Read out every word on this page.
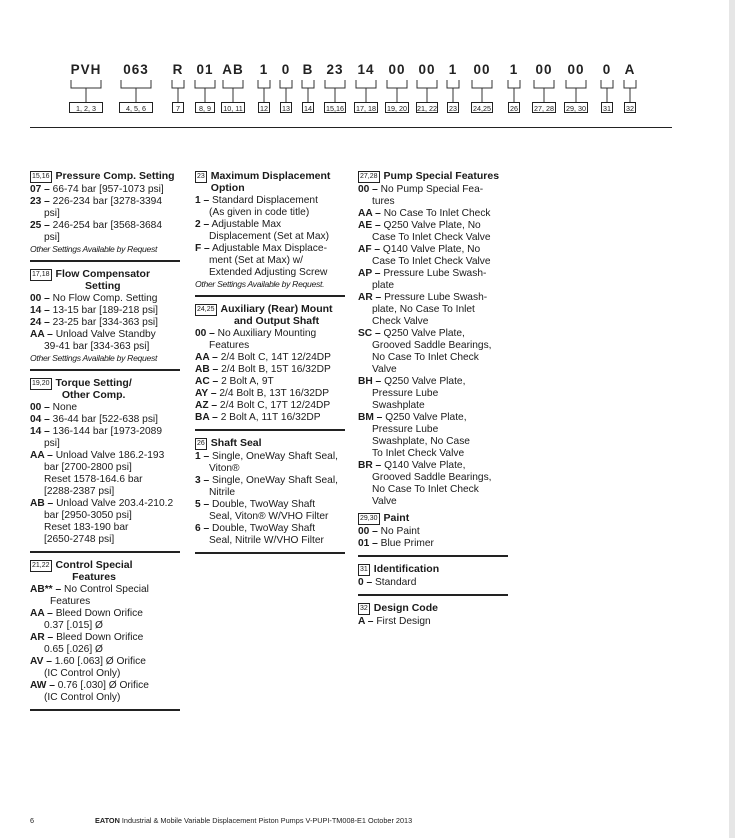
PVH
1, 2, 3
063
4, 5, 6
R
7
01
8, 9
AB
10, 11
1
12
0
13
B
14
23
15,16
14
17, 18
00
19, 20
00
21, 22
1
23
00
24,25
1
26
00
27, 28
00
29, 30
0
31
A
32
15,16 Pressure Comp. Setting
07 – 66-74 bar [957-1073 psi]
23 – 226-234 bar [3278-3394
psi]
25 – 246-254 bar [3568-3684
psi]
Other Settings Available by Request
17,18 Flow Compensator
Setting
00 – No Flow Comp. Setting
14 – 13-15 bar [189-218 psi]
24 – 23-25 bar [334-363 psi]
AA – Unload Valve Standby
39-41 bar [334-363 psi]
Other Settings Available by Request
19,20 Torque Setting/
Other Comp.
00 – None
04 – 36-44 bar [522-638 psi]
14 – 136-144 bar [1973-2089
psi]
AA – Unload Valve 186.2-193
bar [2700-2800 psi]
Reset 1578-164.6 bar
[2288-2387 psi]
AB – Unload Valve 203.4-210.2
bar [2950-3050 psi]
Reset 183-190 bar
[2650-2748 psi]
21,22 Control Special
Features
AB** – No Control Special
Features
AA – Bleed Down Orifice
0.37 [.015] Ø
AR – Bleed Down Orifice
0.65 [.026] Ø
AV – 1.60 [.063] Ø Orifice
(IC Control Only)
AW – 0.76 [.030] Ø Orifice
(IC Control Only)
23 Maximum Displacement
Option
1 – Standard Displacement
(As given in code title)
2 – Adjustable Max
Displacement (Set at Max)
F – Adjustable Max Displace-
ment (Set at Max) w/
Extended Adjusting Screw
Other Settings Available by Request.
24,25 Auxiliary (Rear) Mount
and Output Shaft
00 – No Auxiliary Mounting
Features
AA – 2/4 Bolt C, 14T 12/24DP
AB – 2/4 Bolt B, 15T 16/32DP
AC – 2 Bolt A, 9T
AY – 2/4 Bolt B, 13T 16/32DP
AZ – 2/4 Bolt C, 17T 12/24DP
BA – 2 Bolt A, 11T 16/32DP
26 Shaft Seal
1 – Single, OneWay Shaft Seal,
Viton®
3 – Single, OneWay Shaft Seal,
Nitrile
5 – Double, TwoWay Shaft
Seal, Viton® W/VHO Filter
6 – Double, TwoWay Shaft
Seal, Nitrile W/VHO Filter
27,28 Pump Special Features
00 – No Pump Special Fea-
tures
AA – No Case To Inlet Check
AE – Q250 Valve Plate, No
Case To Inlet Check Valve
AF – Q140 Valve Plate, No
Case To Inlet Check Valve
AP – Pressure Lube Swash-
plate
AR – Pressure Lube Swash-
plate, No Case To Inlet
Check Valve
SC – Q250 Valve Plate,
Grooved Saddle Bearings,
No Case To Inlet Check
Valve
BH – Q250 Valve Plate,
Pressure Lube
Swashplate
BM – Q250 Valve Plate,
Pressure Lube
Swashplate, No Case
To Inlet Check Valve
BR – Q140 Valve Plate,
Grooved Saddle Bearings,
No Case To Inlet Check
Valve
29,30 Paint
00 – No Paint
01 – Blue Primer
31 Identification
0 – Standard
32 Design Code
A – First Design
6	EATON Industrial & Mobile Variable Displacement Piston Pumps V-PUPI-TM008-E1 October 2013
